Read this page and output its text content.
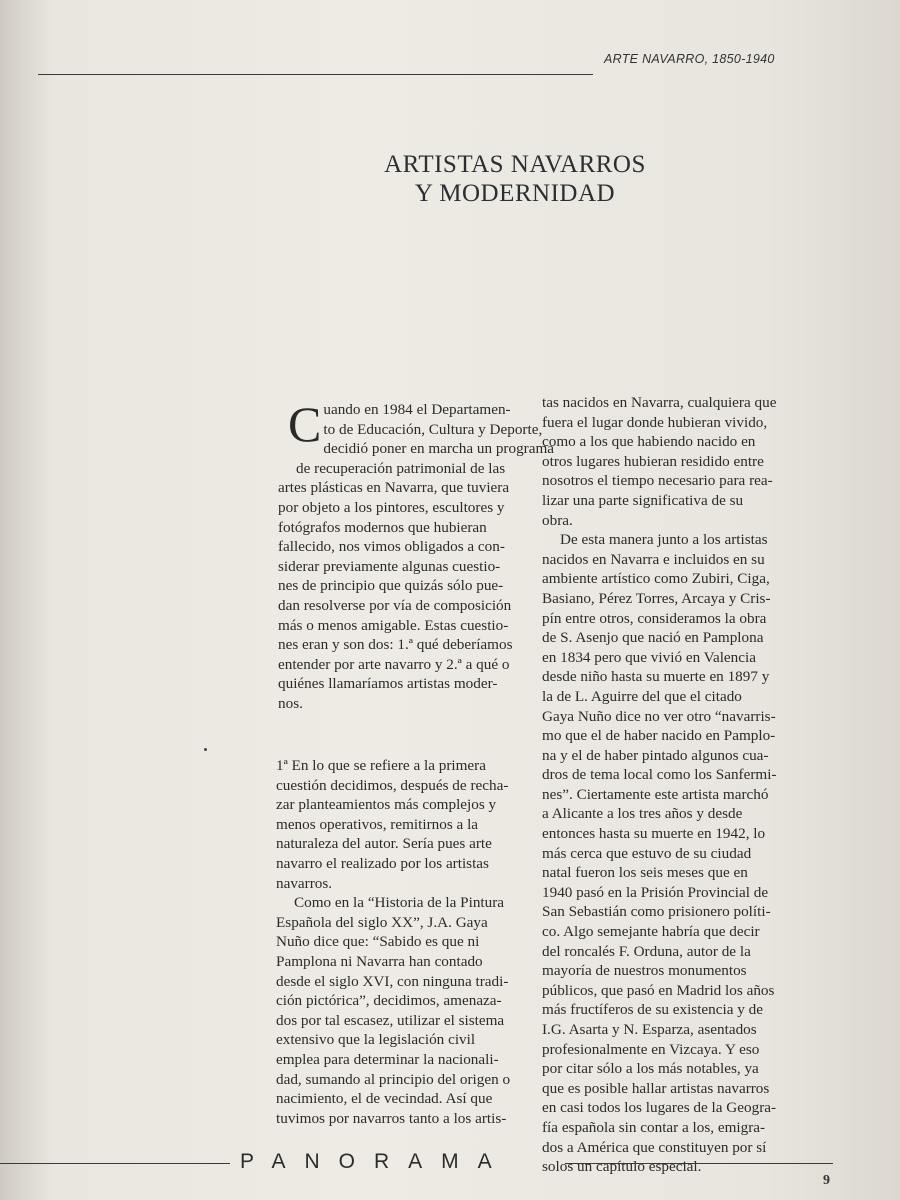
ARTE NAVARRO, 1850-1940
ARTISTAS NAVARROS
Y MODERNIDAD
C uando en 1984 el Departamen-
to de Educación, Cultura y Deporte,
decidió poner en marcha un programa
de recuperación patrimonial de las
artes plásticas en Navarra, que tuviera
por objeto a los pintores, escultores y
fotógrafos modernos que hubieran
fallecido, nos vimos obligados a con-
siderar previamente algunas cuestio-
nes de principio que quizás sólo pue-
dan resolverse por vía de composición
más o menos amigable. Estas cuestio-
nes eran y son dos: 1.ª qué deberíamos
entender por arte navarro y 2.ª a qué o
quiénes llamaríamos artistas moder-
nos.
tas nacidos en Navarra, cualquiera que
fuera el lugar donde hubieran vivido,
como a los que habiendo nacido en
otros lugares hubieran residido entre
nosotros el tiempo necesario para rea-
lizar una parte significativa de su
obra.
De esta manera junto a los artistas
nacidos en Navarra e incluidos en su
ambiente artístico como Zubiri, Ciga,
Basiano, Pérez Torres, Arcaya y Cris-
pín entre otros, consideramos la obra
de S. Asenjo que nació en Pamplona
en 1834 pero que vivió en Valencia
desde niño hasta su muerte en 1897 y
la de L. Aguirre del que el citado
Gaya Nuño dice no ver otro “navarris-
mo que el de haber nacido en Pamplo-
na y el de haber pintado algunos cua-
dros de tema local como los Sanfermi-
nes”. Ciertamente este artista marchó
a Alicante a los tres años y desde
entonces hasta su muerte en 1942, lo
más cerca que estuvo de su ciudad
natal fueron los seis meses que en
1940 pasó en la Prisión Provincial de
San Sebastián como prisionero políti-
co. Algo semejante habría que decir
del roncalés F. Orduna, autor de la
mayoría de nuestros monumentos
públicos, que pasó en Madrid los años
más fructíferos de su existencia y de
I.G. Asarta y N. Esparza, asentados
profesionalmente en Vizcaya. Y eso
por citar sólo a los más notables, ya
que es posible hallar artistas navarros
en casi todos los lugares de la Geogra-
fía española sin contar a los, emigra-
dos a América que constituyen por sí
solos un capítulo especial.
1ª En lo que se refiere a la primera
cuestión decidimos, después de recha-
zar planteamientos más complejos y
menos operativos, remitirnos a la
naturaleza del autor. Sería pues arte
navarro el realizado por los artistas
navarros.
Como en la “Historia de la Pintura
Española del siglo XX”, J.A. Gaya
Nuño dice que: “Sabido es que ni
Pamplona ni Navarra han contado
desde el siglo XVI, con ninguna tradi-
ción pictórica”, decidimos, amenaza-
dos por tal escasez, utilizar el sistema
extensivo que la legislación civil
emplea para determinar la nacionali-
dad, sumando al principio del origen o
nacimiento, el de vecindad. Así que
tuvimos por navarros tanto a los artis-
PANORAMA
9
